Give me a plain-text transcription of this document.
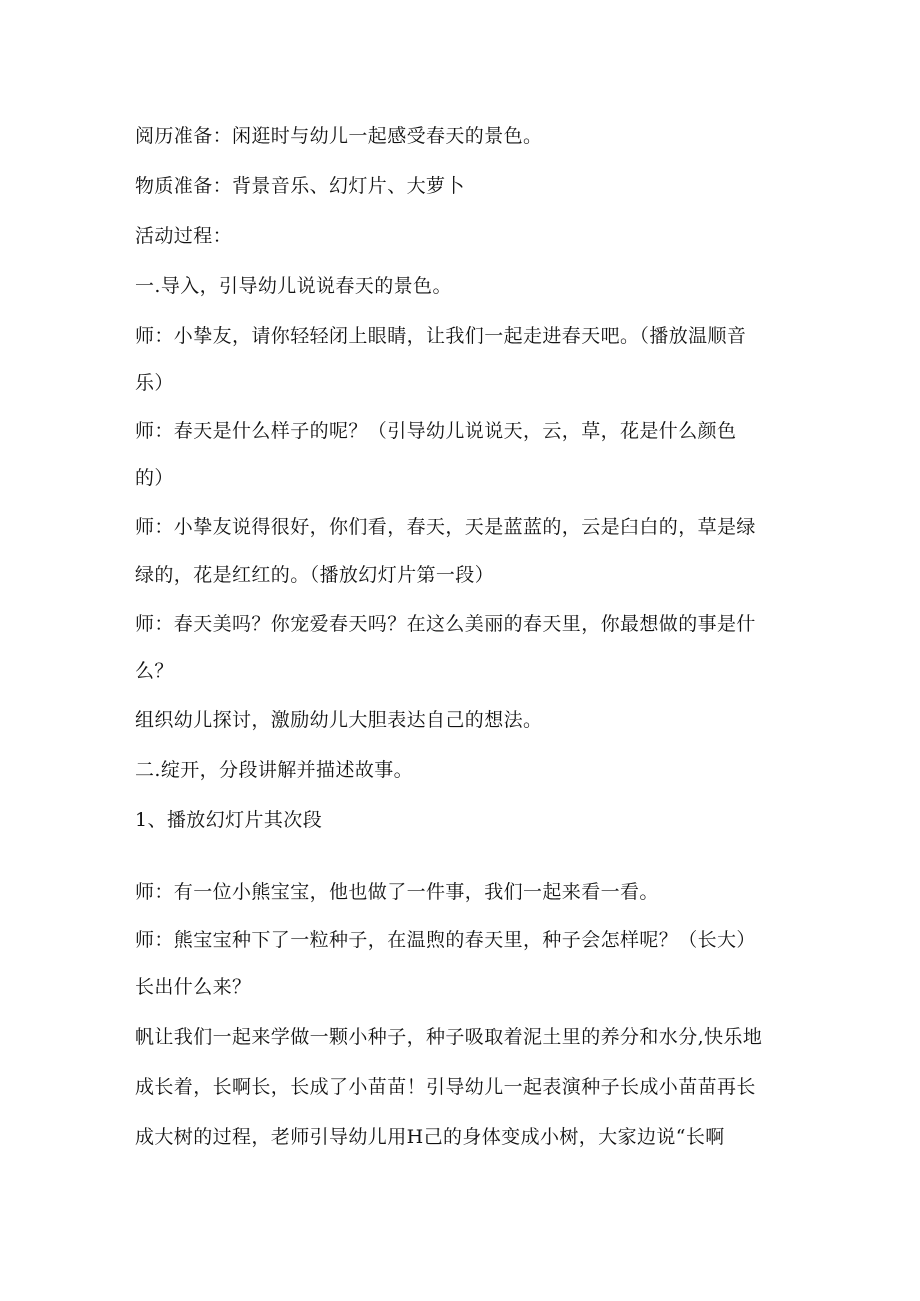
阅历准备：闲逛时与幼儿一起感受春天的景色。
物质准备：背景音乐、幻灯片、大萝卜
活动过程：
一.导入，引导幼儿说说春天的景色。
师：小挚友，请你轻轻闭上眼睛，让我们一起走进春天吧。（播放温顺音
乐）
师：春天是什么样子的呢？（引导幼儿说说天，云，草，花是什么颜色
的）
师：小挚友说得很好，你们看，春天，天是蓝蓝的，云是臼白的，草是绿
绿的，花是红红的。（播放幻灯片第一段）
师：春天美吗？你宠爱春天吗？在这么美丽的春天里，你最想做的事是什
么？
组织幼儿探讨，激励幼儿大胆表达自己的想法。
二.绽开，分段讲解并描述故事。
1、播放幻灯片其次段
师：有一位小熊宝宝，他也做了一件事，我们一起来看一看。
师：熊宝宝种下了一粒种子，在温煦的春天里，种子会怎样呢？（长大）
长出什么来？
帆让我们一起来学做一颗小种子，种子吸取着泥土里的养分和水分,快乐地
成长着，长啊长，长成了小苗苗！引导幼儿一起表演种子长成小苗苗再长
成大树的过程，老师引导幼儿用H己的身体变成小树，大家边说“长啊
